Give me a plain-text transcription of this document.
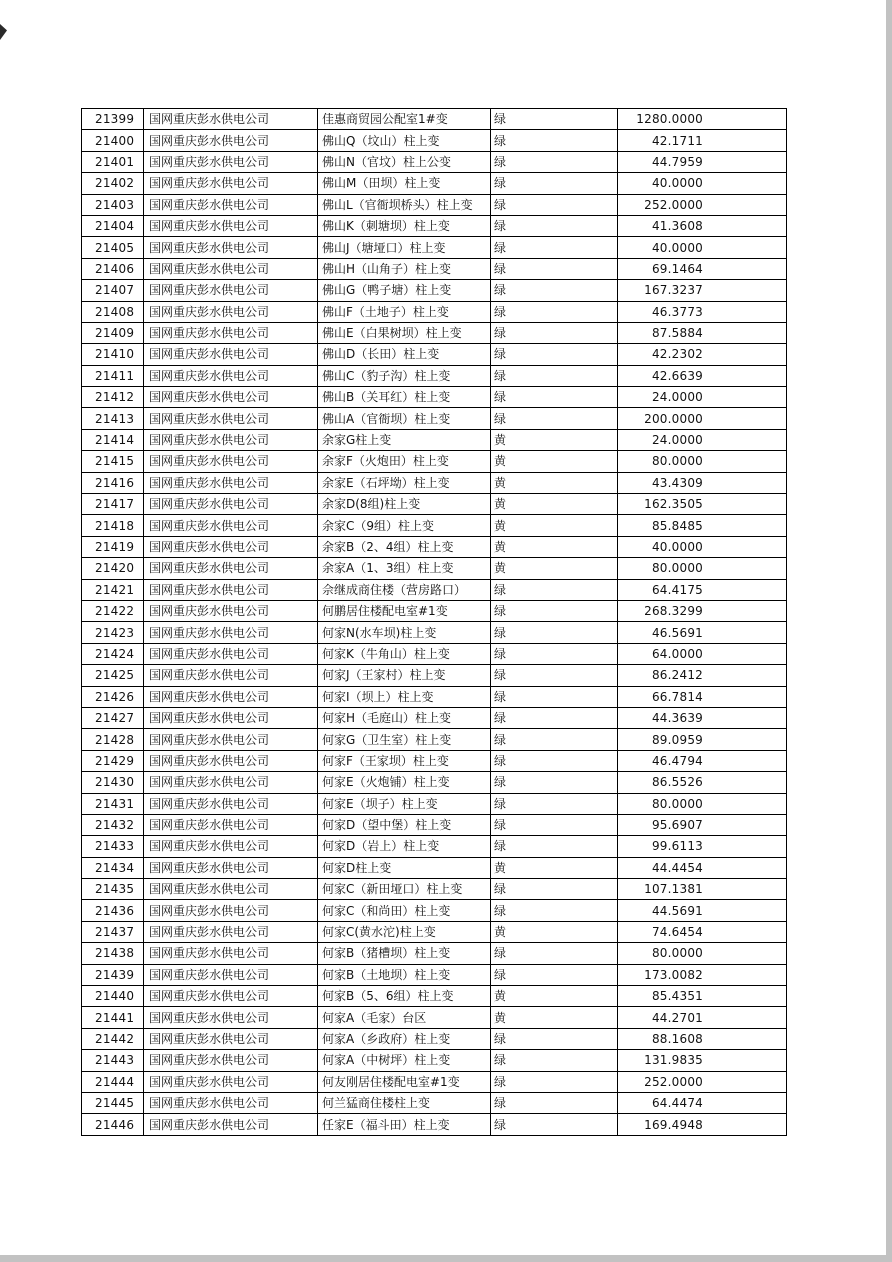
21399	国网重庆彭水供电公司	佳惠商贸园公配室1#变	绿	1280.0000
21400	国网重庆彭水供电公司	佛山Q（坟山）柱上变	绿	42.1711
21401	国网重庆彭水供电公司	佛山N（官坟）柱上公变	绿	44.7959
21402	国网重庆彭水供电公司	佛山M（田坝）柱上变	绿	40.0000
21403	国网重庆彭水供电公司	佛山L（官衙坝桥头）柱上变	绿	252.0000
21404	国网重庆彭水供电公司	佛山K（刺塘坝）柱上变	绿	41.3608
21405	国网重庆彭水供电公司	佛山J（塘垭口）柱上变	绿	40.0000
21406	国网重庆彭水供电公司	佛山H（山角子）柱上变	绿	69.1464
21407	国网重庆彭水供电公司	佛山G（鸭子塘）柱上变	绿	167.3237
21408	国网重庆彭水供电公司	佛山F（土地子）柱上变	绿	46.3773
21409	国网重庆彭水供电公司	佛山E（白果树坝）柱上变	绿	87.5884
21410	国网重庆彭水供电公司	佛山D（长田）柱上变	绿	42.2302
21411	国网重庆彭水供电公司	佛山C（豹子沟）柱上变	绿	42.6639
21412	国网重庆彭水供电公司	佛山B（关耳红）柱上变	绿	24.0000
21413	国网重庆彭水供电公司	佛山A（官衙坝）柱上变	绿	200.0000
21414	国网重庆彭水供电公司	余家G柱上变	黄	24.0000
21415	国网重庆彭水供电公司	余家F（火炮田）柱上变	黄	80.0000
21416	国网重庆彭水供电公司	余家E（石坪坳）柱上变	黄	43.4309
21417	国网重庆彭水供电公司	余家D(8组)柱上变	黄	162.3505
21418	国网重庆彭水供电公司	余家C（9组）柱上变	黄	85.8485
21419	国网重庆彭水供电公司	余家B（2、4组）柱上变	黄	40.0000
21420	国网重庆彭水供电公司	余家A（1、3组）柱上变	黄	80.0000
21421	国网重庆彭水供电公司	佘继成商住楼（营房路口）	绿	64.4175
21422	国网重庆彭水供电公司	何鹏居住楼配电室#1变	绿	268.3299
21423	国网重庆彭水供电公司	何家N(水车坝)柱上变	绿	46.5691
21424	国网重庆彭水供电公司	何家K（牛角山）柱上变	绿	64.0000
21425	国网重庆彭水供电公司	何家J（王家村）柱上变	绿	86.2412
21426	国网重庆彭水供电公司	何家I（坝上）柱上变	绿	66.7814
21427	国网重庆彭水供电公司	何家H（毛庭山）柱上变	绿	44.3639
21428	国网重庆彭水供电公司	何家G（卫生室）柱上变	绿	89.0959
21429	国网重庆彭水供电公司	何家F（王家坝）柱上变	绿	46.4794
21430	国网重庆彭水供电公司	何家E（火炮铺）柱上变	绿	86.5526
21431	国网重庆彭水供电公司	何家E（坝子）柱上变	绿	80.0000
21432	国网重庆彭水供电公司	何家D（望中堡）柱上变	绿	95.6907
21433	国网重庆彭水供电公司	何家D（岩上）柱上变	绿	99.6113
21434	国网重庆彭水供电公司	何家D柱上变	黄	44.4454
21435	国网重庆彭水供电公司	何家C（新田垭口）柱上变	绿	107.1381
21436	国网重庆彭水供电公司	何家C（和尚田）柱上变	绿	44.5691
21437	国网重庆彭水供电公司	何家C(黄水沱)柱上变	黄	74.6454
21438	国网重庆彭水供电公司	何家B（猪槽坝）柱上变	绿	80.0000
21439	国网重庆彭水供电公司	何家B（土地坝）柱上变	绿	173.0082
21440	国网重庆彭水供电公司	何家B（5、6组）柱上变	黄	85.4351
21441	国网重庆彭水供电公司	何家A（毛家）台区	黄	44.2701
21442	国网重庆彭水供电公司	何家A（乡政府）柱上变	绿	88.1608
21443	国网重庆彭水供电公司	何家A（中树坪）柱上变	绿	131.9835
21444	国网重庆彭水供电公司	何友刚居住楼配电室#1变	绿	252.0000
21445	国网重庆彭水供电公司	何兰猛商住楼柱上变	绿	64.4474
21446	国网重庆彭水供电公司	任家E（福斗田）柱上变	绿	169.4948
